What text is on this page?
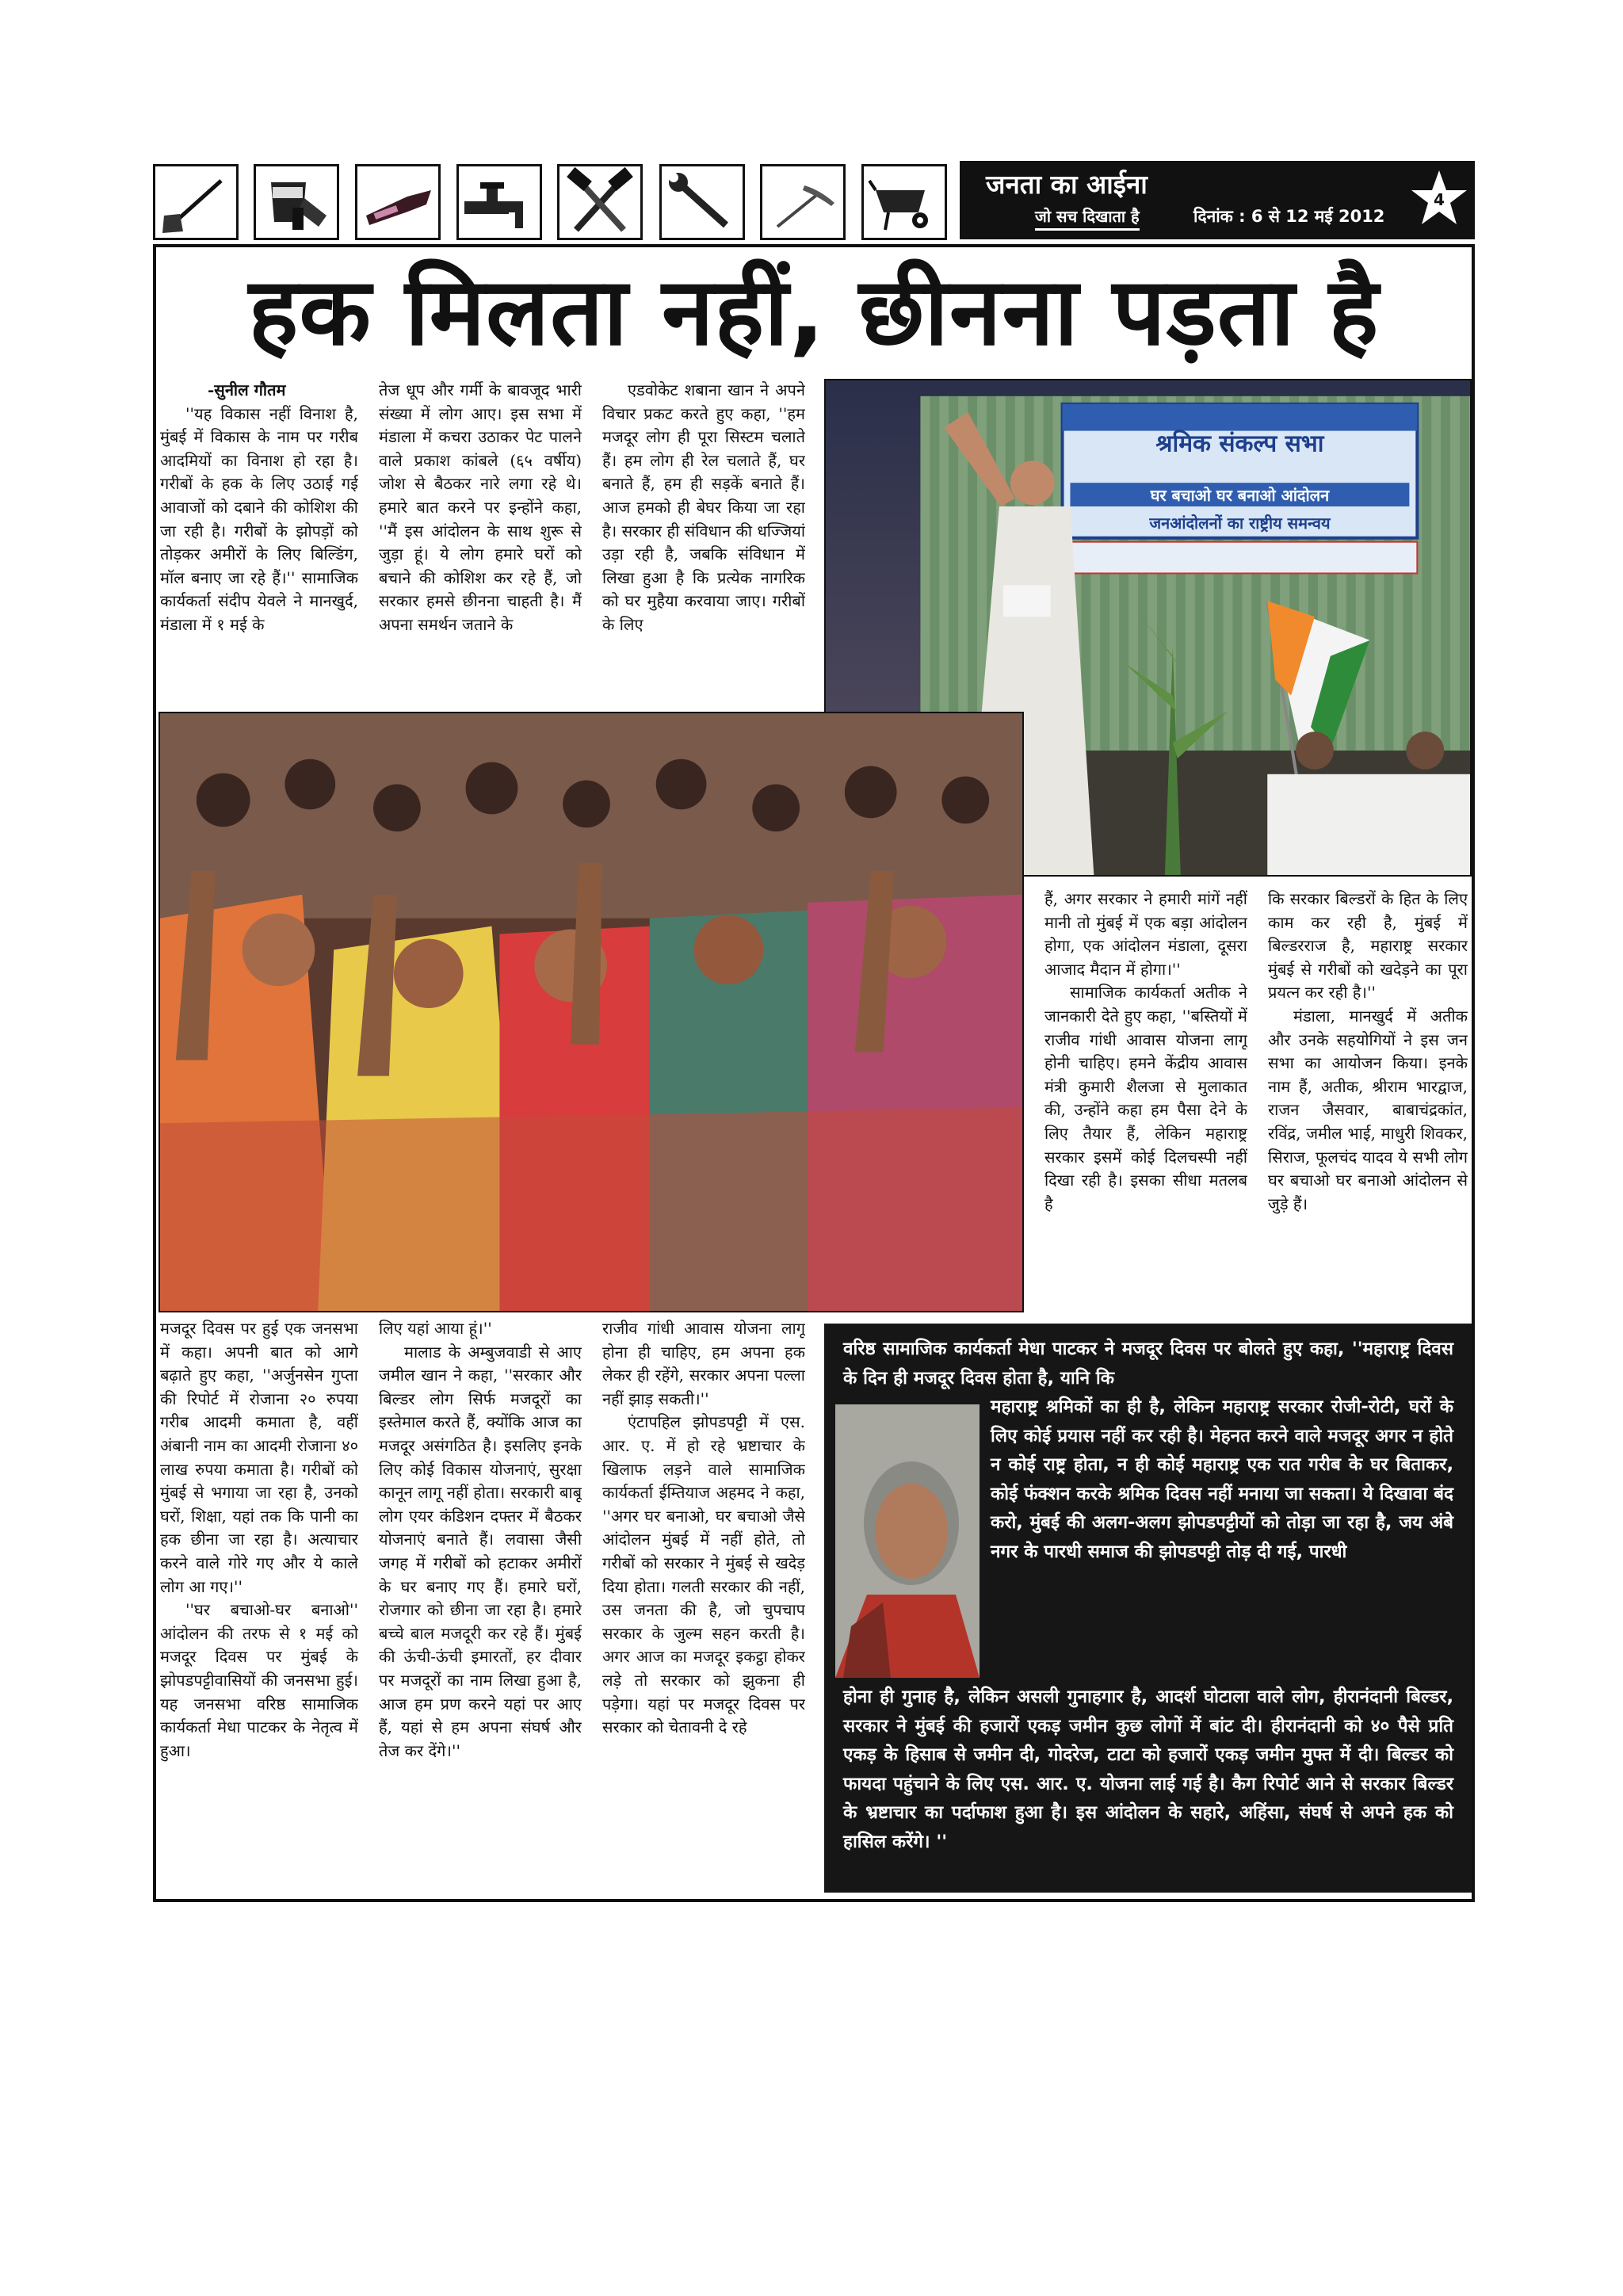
जनता का आईना
जो सच दिखाता है	दिनांक : 6 से 12 मई 2012
4
हक मिलता नहीं, छीनना पड़ता है

-सुनील गौतम

''यह विकास नहीं विनाश है, मुंबई में विकास के नाम पर गरीब आदमियों का विनाश हो रहा है। गरीबों के हक के लिए उठाई गई आवाजों को दबाने की कोशिश की जा रही है। गरीबों के झोपड़ों को तोड़कर अमीरों के लिए बिल्डिंग, मॉल बनाए जा रहे हैं।'' सामाजिक कार्यकर्ता संदीप येवले ने मानखुर्द, मंडाला में १ मई के

तेज धूप और गर्मी के बावजूद भारी संख्या में लोग आए। इस सभा में मंडाला में कचरा उठाकर पेट पालने वाले प्रकाश कांबले (६५ वर्षीय) जोश से बैठकर नारे लगा रहे थे। हमारे बात करने पर इन्होंने कहा, ''मैं इस आंदोलन के साथ शुरू से जुड़ा हूं। ये लोग हमारे घरों को बचाने की कोशिश कर रहे हैं, जो सरकार हमसे छीनना चाहती है। मैं अपना समर्थन जताने के

एडवोकेट शबाना खान ने अपने विचार प्रकट करते हुए कहा, ''हम मजदूर लोग ही पूरा सिस्टम चलाते हैं। हम लोग ही रेल चलाते हैं, घर बनाते हैं, हम ही सड़कें बनाते हैं। आज हमको ही बेघर किया जा रहा है। सरकार ही संविधान की धज्जियां उड़ा रही है, जबकि संविधान में लिखा हुआ है कि प्रत्येक नागरिक को घर मुहैया करवाया जाए। गरीबों के लिए

श्रमिक संकल्प सभा
घर बचाओ घर बनाओ आंदोलन
जनआंदोलनों का राष्ट्रीय समन्वय

हैं, अगर सरकार ने हमारी मांगें नहीं मानी तो मुंबई में एक बड़ा आंदोलन होगा, एक आंदोलन मंडाला, दूसरा आजाद मैदान में होगा।''

सामाजिक कार्यकर्ता अतीक ने जानकारी देते हुए कहा, ''बस्तियों में राजीव गांधी आवास योजना लागू होनी चाहिए। हमने केंद्रीय आवास मंत्री कुमारी शैलजा से मुलाकात की, उन्होंने कहा हम पैसा देने के लिए तैयार हैं, लेकिन महाराष्ट्र सरकार इसमें कोई दिलचस्पी नहीं दिखा रही है। इसका सीधा मतलब है

कि सरकार बिल्डरों के हित के लिए काम कर रही है, मुंबई में बिल्डरराज है, महाराष्ट्र सरकार मुंबई से गरीबों को खदेड़ने का पूरा प्रयत्न कर रही है।''

मंडाला, मानखुर्द में अतीक और उनके सहयोगियों ने इस जन सभा का आयोजन किया। इनके नाम हैं, अतीक, श्रीराम भारद्वाज, राजन जैसवार, बाबाचंद्रकांत, रविंद्र, जमील भाई, माधुरी शिवकर, सिराज, फूलचंद यादव ये सभी लोग घर बचाओ घर बनाओ आंदोलन से जुड़े हैं।

मजदूर दिवस पर हुई एक जनसभा में कहा। अपनी बात को आगे बढ़ाते हुए कहा, ''अर्जुनसेन गुप्ता की रिपोर्ट में रोजाना २० रुपया गरीब आदमी कमाता है, वहीं अंबानी नाम का आदमी रोजाना ४० लाख रुपया कमाता है। गरीबों को मुंबई से भगाया जा रहा है, उनको घरों, शिक्षा, यहां तक कि पानी का हक छीना जा रहा है। अत्याचार करने वाले गोरे गए और ये काले लोग आ गए।''

''घर बचाओ-घर बनाओ'' आंदोलन की तरफ से १ मई को मजदूर दिवस पर मुंबई के झोपडपट्टीवासियों की जनसभा हुई। यह जनसभा वरिष्ठ सामाजिक कार्यकर्ता मेधा पाटकर के नेतृत्व में हुआ।

लिए यहां आया हूं।''

मालाड के अम्बुजवाडी से आए जमील खान ने कहा, ''सरकार और बिल्डर लोग सिर्फ मजदूरों का इस्तेमाल करते हैं, क्योंकि आज का मजदूर असंगठित है। इसलिए इनके लिए कोई विकास योजनाएं, सुरक्षा कानून लागू नहीं होता। सरकारी बाबू लोग एयर कंडिशन दफ्तर में बैठकर योजनाएं बनाते हैं। लवासा जैसी जगह में गरीबों को हटाकर अमीरों के घर बनाए गए हैं। हमारे घरों, रोजगार को छीना जा रहा है। हमारे बच्चे बाल मजदूरी कर रहे हैं। मुंबई की ऊंची-ऊंची इमारतों, हर दीवार पर मजदूरों का नाम लिखा हुआ है, आज हम प्रण करने यहां पर आए हैं, यहां से हम अपना संघर्ष और तेज कर देंगे।''

राजीव गांधी आवास योजना लागू होना ही चाहिए, हम अपना हक लेकर ही रहेंगे, सरकार अपना पल्ला नहीं झाड़ सकती।''

एंटापहिल झोपडपट्टी में एस. आर. ए. में हो रहे भ्रष्टाचार के खिलाफ लड़ने वाले सामाजिक कार्यकर्ता ईम्तियाज अहमद ने कहा, ''अगर घर बनाओ, घर बचाओ जैसे आंदोलन मुंबई में नहीं होते, तो गरीबों को सरकार ने मुंबई से खदेड़ दिया होता। गलती सरकार की नहीं, उस जनता की है, जो चुपचाप सरकार के जुल्म सहन करती है। अगर आज का मजदूर इकट्ठा होकर लड़े तो सरकार को झुकना ही पड़ेगा। यहां पर मजदूर दिवस पर सरकार को चेतावनी दे रहे

वरिष्ठ सामाजिक कार्यकर्ता मेधा पाटकर ने मजदूर दिवस पर बोलते हुए कहा, ''महाराष्ट्र दिवस के दिन ही मजदूर दिवस होता है, यानि कि
महाराष्ट्र श्रमिकों का ही है, लेकिन महाराष्ट्र सरकार रोजी-रोटी, घरों के लिए कोई प्रयास नहीं कर रही है। मेहनत करने वाले मजदूर अगर न होते न कोई राष्ट्र होता, न ही कोई महाराष्ट्र एक रात गरीब के घर बिताकर, कोई फंक्शन करके श्रमिक दिवस नहीं मनाया जा सकता। ये दिखावा बंद करो, मुंबई की अलग-अलग झोपडपट्टीयों को तोड़ा जा रहा है, जय अंबे नगर के पारधी समाज की झोपडपट्टी तोड़ दी गई, पारधी
होना ही गुनाह है, लेकिन असली गुनाहगार है, आदर्श घोटाला वाले लोग, हीरानंदानी बिल्डर, सरकार ने मुंबई की हजारों एकड़ जमीन कुछ लोगों में बांट दी। हीरानंदानी को ४० पैसे प्रति एकड़ के हिसाब से जमीन दी, गोदरेज, टाटा को हजारों एकड़ जमीन मुफ्त में दी। बिल्डर को फायदा पहुंचाने के लिए एस. आर. ए. योजना लाई गई है। कैग रिपोर्ट आने से सरकार बिल्डर के भ्रष्टाचार का पर्दाफाश हुआ है। इस आंदोलन के सहारे, अहिंसा, संघर्ष से अपने हक को हासिल करेंगे। ''
